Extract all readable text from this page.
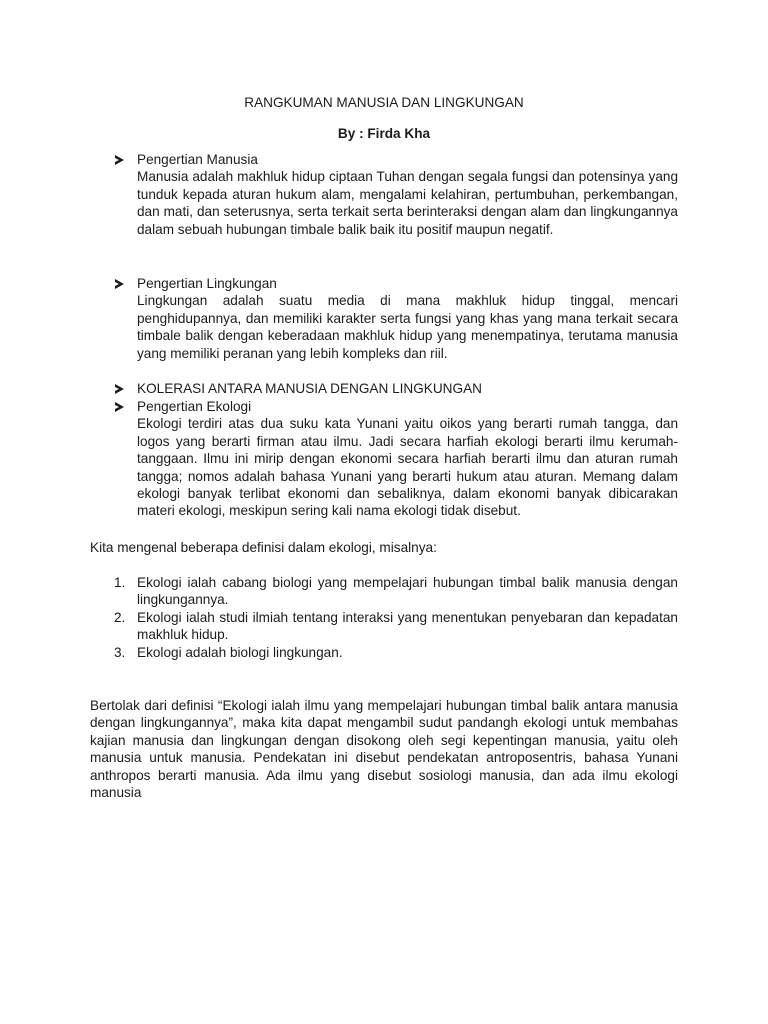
RANGKUMAN MANUSIA DAN LINGKUNGAN
By : Firda Kha
Pengertian Manusia
Manusia adalah makhluk hidup ciptaan Tuhan dengan segala fungsi dan potensinya yang tunduk kepada aturan hukum alam, mengalami kelahiran, pertumbuhan, perkembangan, dan mati, dan seterusnya, serta terkait serta berinteraksi dengan alam dan lingkungannya dalam sebuah hubungan timbale balik baik itu positif maupun negatif.
Pengertian Lingkungan
Lingkungan adalah suatu media di mana makhluk hidup tinggal, mencari penghidupannya, dan memiliki karakter serta fungsi yang khas yang mana terkait secara timbale balik dengan keberadaan makhluk hidup yang menempatinya, terutama manusia yang memiliki peranan yang lebih kompleks dan riil.
KOLERASI ANTARA MANUSIA DENGAN LINGKUNGAN
Pengertian Ekologi
Ekologi terdiri atas dua suku kata Yunani yaitu oikos yang berarti rumah tangga, dan logos yang berarti firman atau ilmu. Jadi secara harfiah ekologi berarti ilmu kerumah-tanggaan. Ilmu ini mirip dengan ekonomi secara harfiah berarti ilmu dan aturan rumah tangga; nomos adalah bahasa Yunani yang berarti hukum atau aturan. Memang dalam ekologi banyak terlibat ekonomi dan sebaliknya, dalam ekonomi banyak dibicarakan materi ekologi, meskipun sering kali nama ekologi tidak disebut.
Kita mengenal beberapa definisi dalam ekologi, misalnya:
1. Ekologi ialah cabang biologi yang mempelajari hubungan timbal balik manusia dengan lingkungannya.
2. Ekologi ialah studi ilmiah tentang interaksi yang menentukan penyebaran dan kepadatan makhluk hidup.
3. Ekologi adalah biologi lingkungan.
Bertolak dari definisi “Ekologi ialah ilmu yang mempelajari hubungan timbal balik antara manusia dengan lingkungannya”, maka kita dapat mengambil sudut pandangh ekologi untuk membahas kajian manusia dan lingkungan dengan disokong oleh segi kepentingan manusia, yaitu oleh manusia untuk manusia. Pendekatan ini disebut pendekatan antroposentris, bahasa Yunani anthropos berarti manusia. Ada ilmu yang disebut sosiologi manusia, dan ada ilmu ekologi manusia
